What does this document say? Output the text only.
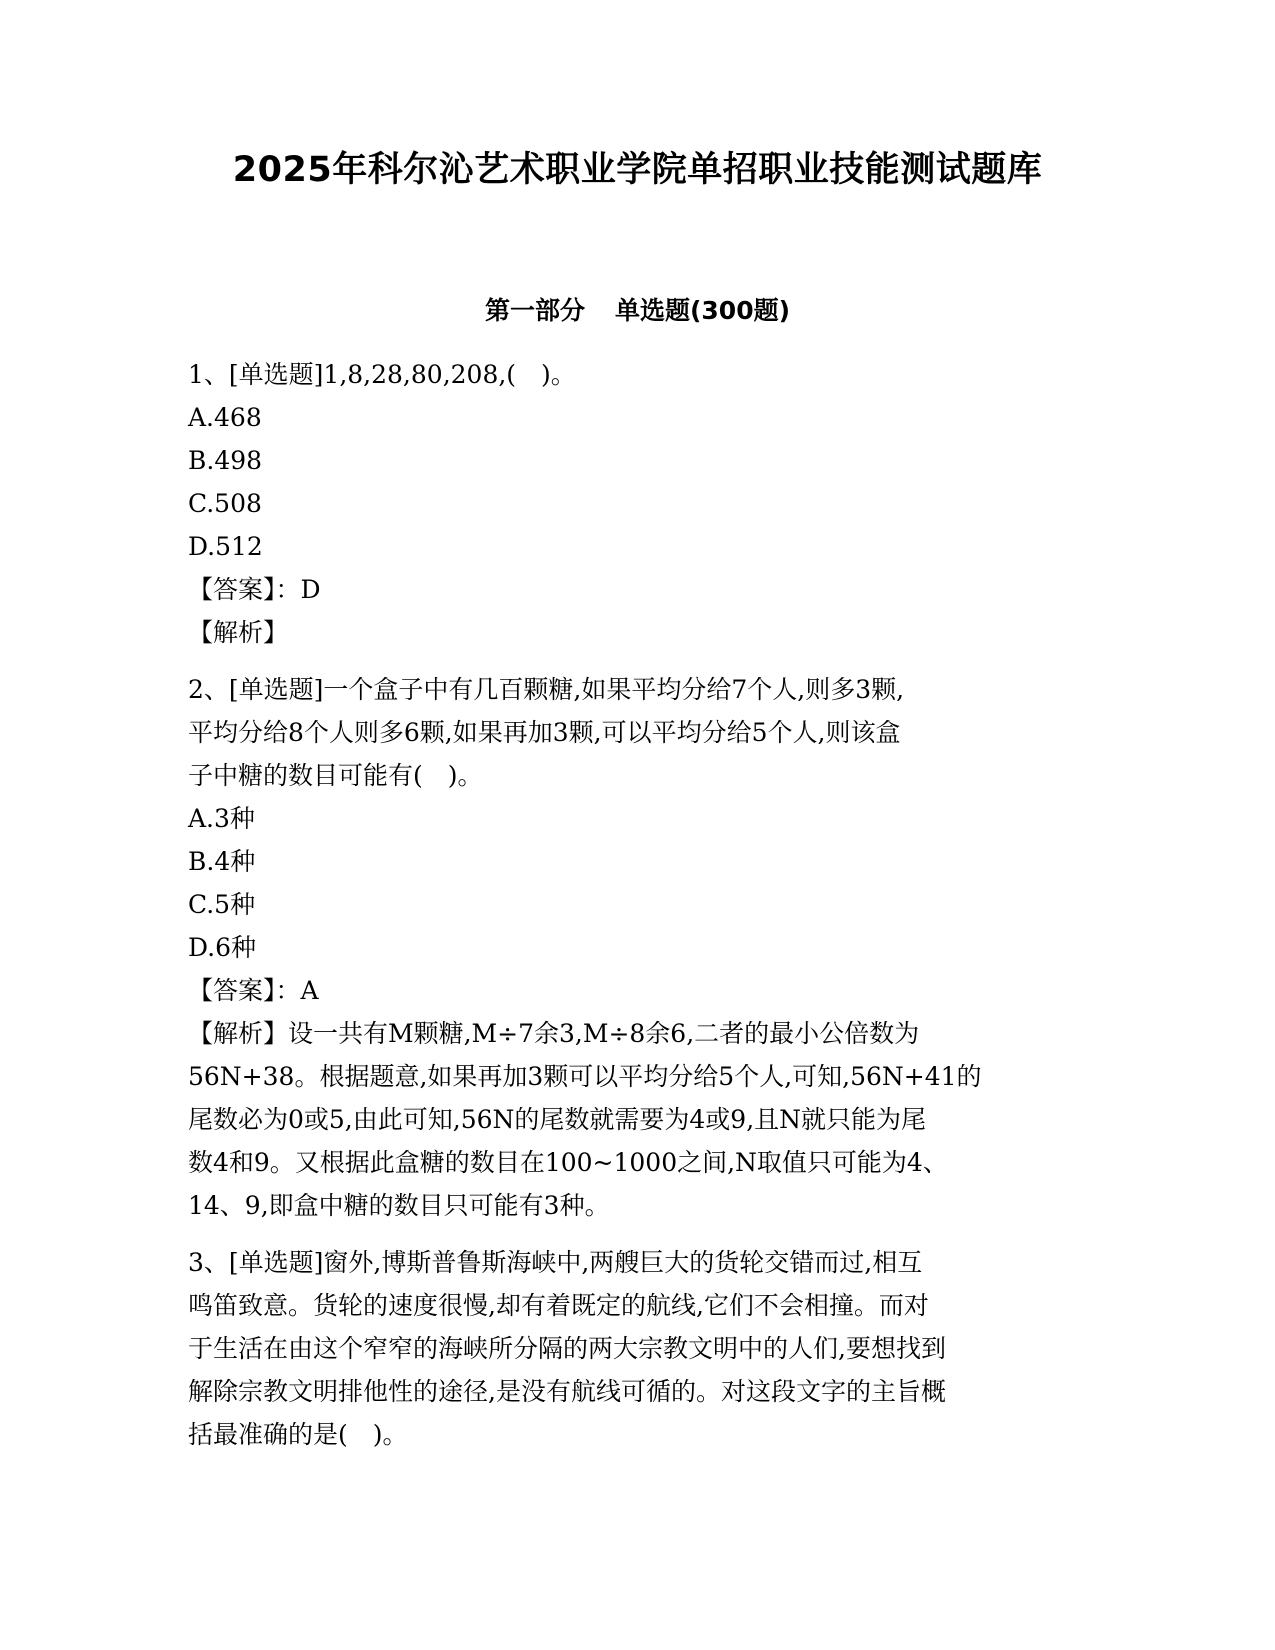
2025年科尔沁艺术职业学院单招职业技能测试题库
第一部分 单选题(300题)
1、[单选题]1,8,28,80,208,(　)。
A.468
B.498
C.508
D.512
【答案】：D
【解析】
2、[单选题]一个盒子中有几百颗糖,如果平均分给7个人,则多3颗,
平均分给8个人则多6颗,如果再加3颗,可以平均分给5个人,则该盒
子中糖的数目可能有(　)。
A.3种
B.4种
C.5种
D.6种
【答案】：A
【解析】设一共有M颗糖,M÷7余3,M÷8余6,二者的最小公倍数为
56N+38。根据题意,如果再加3颗可以平均分给5个人,可知,56N+41的
尾数必为0或5,由此可知,56N的尾数就需要为4或9,且N就只能为尾
数4和9。又根据此盒糖的数目在100~1000之间,N取值只可能为4、
14、9,即盒中糖的数目只可能有3种。
3、[单选题]窗外,博斯普鲁斯海峡中,两艘巨大的货轮交错而过,相互
鸣笛致意。货轮的速度很慢,却有着既定的航线,它们不会相撞。而对
于生活在由这个窄窄的海峡所分隔的两大宗教文明中的人们,要想找到
解除宗教文明排他性的途径,是没有航线可循的。对这段文字的主旨概
括最准确的是(　)。
